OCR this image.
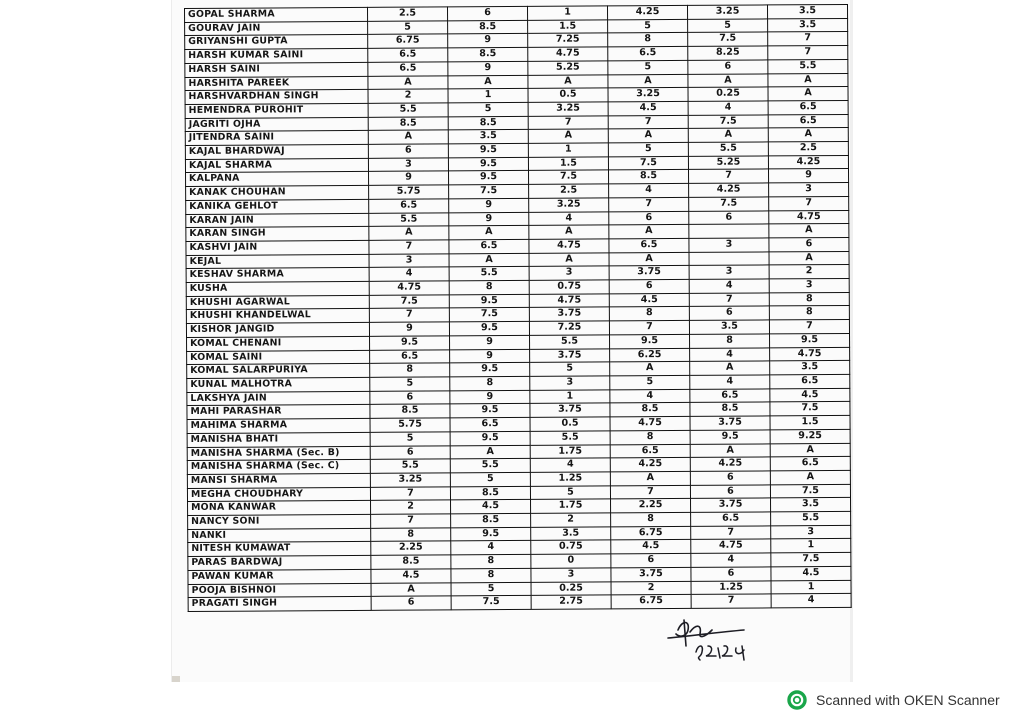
GOPAL SHARMA	2.5	6	1	4.25	3.25	3.5
GOURAV JAIN	5	8.5	1.5	5	5	3.5
GRIYANSHI GUPTA	6.75	9	7.25	8	7.5	7
HARSH KUMAR SAINI	6.5	8.5	4.75	6.5	8.25	7
HARSH SAINI	6.5	9	5.25	5	6	5.5
HARSHITA PAREEK	A	A	A	A	A	A
HARSHVARDHAN SINGH	2	1	0.5	3.25	0.25	A
HEMENDRA PUROHIT	5.5	5	3.25	4.5	4	6.5
JAGRITI OJHA	8.5	8.5	7	7	7.5	6.5
JITENDRA SAINI	A	3.5	A	A	A	A
KAJAL BHARDWAJ	6	9.5	1	5	5.5	2.5
KAJAL SHARMA	3	9.5	1.5	7.5	5.25	4.25
KALPANA	9	9.5	7.5	8.5	7	9
KANAK CHOUHAN	5.75	7.5	2.5	4	4.25	3
KANIKA GEHLOT	6.5	9	3.25	7	7.5	7
KARAN JAIN	5.5	9	4	6	6	4.75
KARAN SINGH	A	A	A	A		A
KASHVI JAIN	7	6.5	4.75	6.5	3	6
KEJAL	3	A	A	A		A
KESHAV SHARMA	4	5.5	3	3.75	3	2
KUSHA	4.75	8	0.75	6	4	3
KHUSHI AGARWAL	7.5	9.5	4.75	4.5	7	8
KHUSHI KHANDELWAL	7	7.5	3.75	8	6	8
KISHOR JANGID	9	9.5	7.25	7	3.5	7
KOMAL CHENANI	9.5	9	5.5	9.5	8	9.5
KOMAL SAINI	6.5	9	3.75	6.25	4	4.75
KOMAL SALARPURIYA	8	9.5	5	A	A	3.5
KUNAL MALHOTRA	5	8	3	5	4	6.5
LAKSHYA JAIN	6	9	1	4	6.5	4.5
MAHI PARASHAR	8.5	9.5	3.75	8.5	8.5	7.5
MAHIMA SHARMA	5.75	6.5	0.5	4.75	3.75	1.5
MANISHA BHATI	5	9.5	5.5	8	9.5	9.25
MANISHA SHARMA (Sec. B)	6	A	1.75	6.5	A	A
MANISHA SHARMA (Sec. C)	5.5	5.5	4	4.25	4.25	6.5
MANSI SHARMA	3.25	5	1.25	A	6	A
MEGHA CHOUDHARY	7	8.5	5	7	6	7.5
MONA KANWAR	2	4.5	1.75	2.25	3.75	3.5
NANCY SONI	7	8.5	2	8	6.5	5.5
NANKI	8	9.5	3.5	6.75	7	3
NITESH KUMAWAT	2.25	4	0.75	4.5	4.75	1
PARAS BARDWAJ	8.5	8	0	6	4	7.5
PAWAN KUMAR	4.5	8	3	3.75	6	4.5
POOJA BISHNOI	A	5	0.25	2	1.25	1
PRAGATI SINGH	6	7.5	2.75	6.75	7	4
Scanned with OKEN Scanner
